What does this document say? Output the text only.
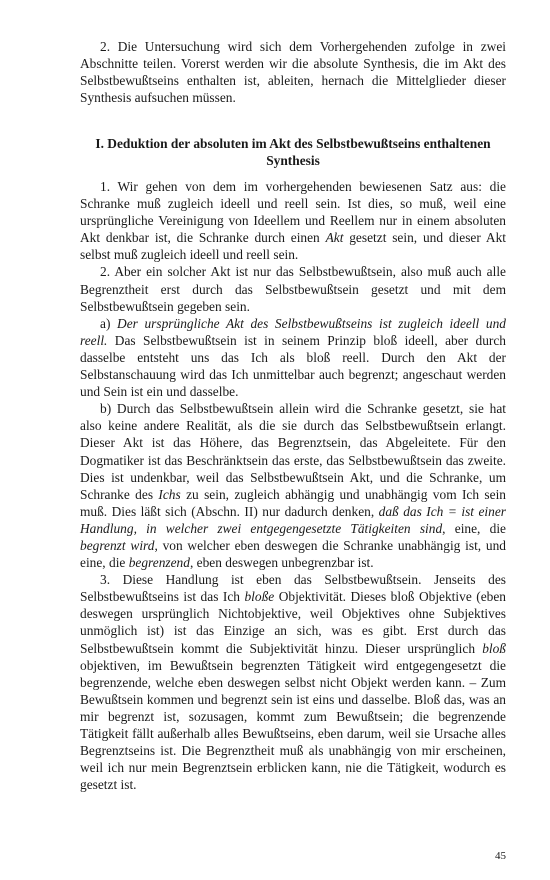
2. Die Untersuchung wird sich dem Vorhergehenden zufolge in zwei Abschnitte teilen. Vorerst werden wir die absolute Synthesis, die im Akt des Selbstbewußtseins enthalten ist, ableiten, hernach die Mittelglieder dieser Synthesis aufsuchen müssen.

I. Deduktion der absoluten im Akt des Selbstbewußtseins enthaltenen Synthesis

1. Wir gehen von dem im vorhergehenden bewiesenen Satz aus: die Schranke muß zugleich ideell und reell sein. Ist dies, so muß, weil eine ursprüngliche Vereinigung von Ideellem und Reellem nur in einem absoluten Akt denkbar ist, die Schranke durch einen Akt gesetzt sein, und dieser Akt selbst muß zugleich ideell und reell sein.

2. Aber ein solcher Akt ist nur das Selbstbewußtsein, also muß auch alle Begrenztheit erst durch das Selbstbewußtsein gesetzt und mit dem Selbstbewußtsein gegeben sein.

a) Der ursprüngliche Akt des Selbstbewußtseins ist zugleich ideell und reell. Das Selbstbewußtsein ist in seinem Prinzip bloß ideell, aber durch dasselbe entsteht uns das Ich als bloß reell. Durch den Akt der Selbstanschauung wird das Ich unmittelbar auch begrenzt; angeschaut werden und Sein ist ein und dasselbe.

b) Durch das Selbstbewußtsein allein wird die Schranke gesetzt, sie hat also keine andere Realität, als die sie durch das Selbstbewußtsein erlangt. Dieser Akt ist das Höhere, das Begrenztsein, das Abgeleitete. Für den Dogmatiker ist das Beschränktsein das erste, das Selbstbewußtsein das zweite. Dies ist undenkbar, weil das Selbstbewußtsein Akt, und die Schranke, um Schranke des Ichs zu sein, zugleich abhängig und unabhängig vom Ich sein muß. Dies läßt sich (Abschn. II) nur dadurch denken, daß das Ich = ist einer Handlung, in welcher zwei entgegengesetzte Tätigkeiten sind, eine, die begrenzt wird, von welcher eben deswegen die Schranke unabhängig ist, und eine, die begrenzend, eben deswegen unbegrenzbar ist.

3. Diese Handlung ist eben das Selbstbewußtsein. Jenseits des Selbstbewußtseins ist das Ich bloße Objektivität. Dieses bloß Objektive (eben deswegen ursprünglich Nichtobjektive, weil Objektives ohne Subjektives unmöglich ist) ist das Einzige an sich, was es gibt. Erst durch das Selbstbewußtsein kommt die Subjektivität hinzu. Dieser ursprünglich bloß objektiven, im Bewußtsein begrenzten Tätigkeit wird entgegengesetzt die begrenzende, welche eben deswegen selbst nicht Objekt werden kann. – Zum Bewußtsein kommen und begrenzt sein ist eins und dasselbe. Bloß das, was an mir begrenzt ist, sozusagen, kommt zum Bewußtsein; die begrenzende Tätigkeit fällt außerhalb alles Bewußtseins, eben darum, weil sie Ursache alles Begrenztseins ist. Die Begrenztheit muß als unabhängig von mir erscheinen, weil ich nur mein Begrenztsein erblicken kann, nie die Tätigkeit, wodurch es gesetzt ist.

45
